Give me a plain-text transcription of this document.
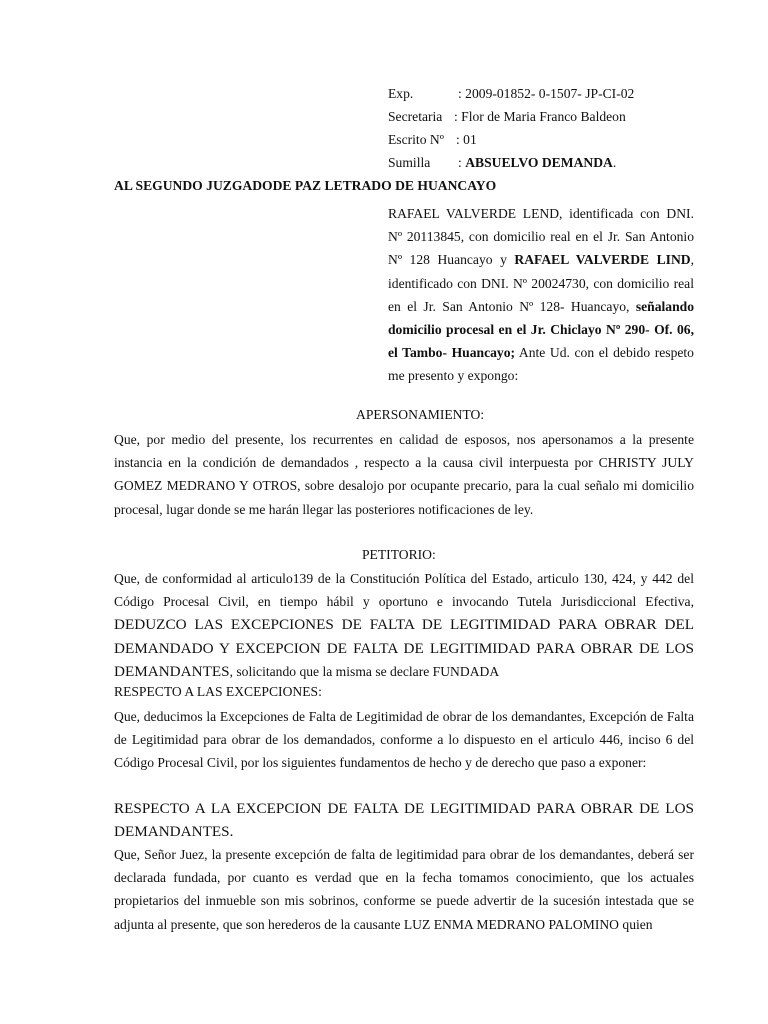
Exp.	: 2009-01852- 0-1507- JP-CI-02
Secretaria : Flor de Maria Franco Baldeon
Escrito Nº : 01
Sumilla : ABSUELVO DEMANDA.
AL SEGUNDO JUZGADODE PAZ LETRADO DE HUANCAYO
RAFAEL VALVERDE LEND, identificada con DNI. Nº 20113845, con domicilio real en el Jr. San Antonio Nº 128 Huancayo y RAFAEL VALVERDE LIND, identificado con DNI. Nº 20024730, con domicilio real en el Jr. San Antonio Nº 128- Huancayo, señalando domicilio procesal en el Jr. Chiclayo Nº 290- Of. 06, el Tambo- Huancayo; Ante Ud. con el debido respeto me presento y expongo:
APERSONAMIENTO:
Que, por medio del presente, los recurrentes en calidad de esposos, nos apersonamos a la presente instancia en la condición de demandados , respecto a la causa civil interpuesta por CHRISTY JULY GOMEZ MEDRANO Y OTROS, sobre desalojo por ocupante precario, para la cual señalo mi domicilio procesal, lugar donde se me harán llegar las posteriores notificaciones de ley.
PETITORIO:
Que, de conformidad al articulo139 de la Constitución Política del Estado, articulo 130, 424, y 442 del Código Procesal Civil, en tiempo hábil y oportuno e invocando Tutela Jurisdiccional Efectiva, DEDUZCO LAS EXCEPCIONES DE FALTA DE LEGITIMIDAD PARA OBRAR DEL DEMANDADO Y EXCEPCION DE FALTA DE LEGITIMIDAD PARA OBRAR DE LOS DEMANDANTES, solicitando que la misma se declare FUNDADA
RESPECTO A LAS EXCEPCIONES:
Que, deducimos la Excepciones de Falta de Legitimidad de obrar de los demandantes, Excepción de Falta de Legitimidad para obrar de los demandados, conforme a lo dispuesto en el articulo 446, inciso 6 del Código Procesal Civil, por los siguientes fundamentos de hecho y de derecho que paso a exponer:
RESPECTO A LA EXCEPCION DE FALTA DE LEGITIMIDAD PARA OBRAR DE LOS DEMANDANTES.
Que, Señor Juez, la presente excepción de falta de legitimidad para obrar de los demandantes, deberá ser declarada fundada, por cuanto es verdad que en la fecha tomamos conocimiento, que los actuales propietarios del inmueble son mis sobrinos, conforme se puede advertir de la sucesión intestada que se adjunta al presente, que son herederos de la causante LUZ ENMA MEDRANO PALOMINO quien
